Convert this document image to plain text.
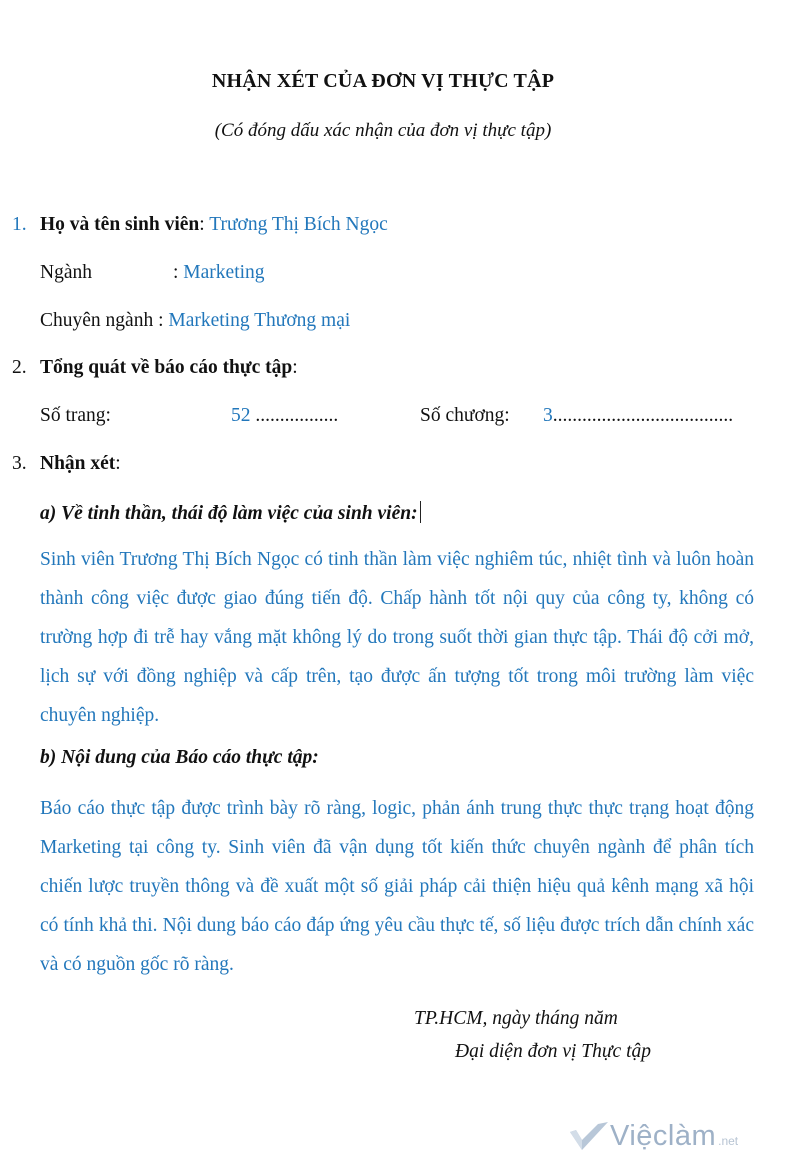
NHẬN XÉT CỦA ĐƠN VỊ THỰC TẬP
(Có đóng dấu xác nhận của đơn vị thực tập)
1. Họ và tên sinh viên: Trương Thị Bích Ngọc
Ngành	: Marketing
Chuyên ngành : Marketing Thương mại
2. Tổng quát về báo cáo thực tập:
Số trang:	52 .................	Số chương: 3.....................................
3. Nhận xét:
a) Về tinh thần, thái độ làm việc của sinh viên:
Sinh viên Trương Thị Bích Ngọc có tinh thần làm việc nghiêm túc, nhiệt tình và luôn hoàn thành công việc được giao đúng tiến độ. Chấp hành tốt nội quy của công ty, không có trường hợp đi trễ hay vắng mặt không lý do trong suốt thời gian thực tập. Thái độ cởi mở, lịch sự với đồng nghiệp và cấp trên, tạo được ấn tượng tốt trong môi trường làm việc chuyên nghiệp.
b) Nội dung của Báo cáo thực tập:
Báo cáo thực tập được trình bày rõ ràng, logic, phản ánh trung thực thực trạng hoạt động Marketing tại công ty. Sinh viên đã vận dụng tốt kiến thức chuyên ngành để phân tích chiến lược truyền thông và đề xuất một số giải pháp cải thiện hiệu quả kênh mạng xã hội có tính khả thi. Nội dung báo cáo đáp ứng yêu cầu thực tế, số liệu được trích dẫn chính xác và có nguồn gốc rõ ràng.
TP.HCM, ngày tháng năm
Đại diện đơn vị Thực tập
Việclàm .net
